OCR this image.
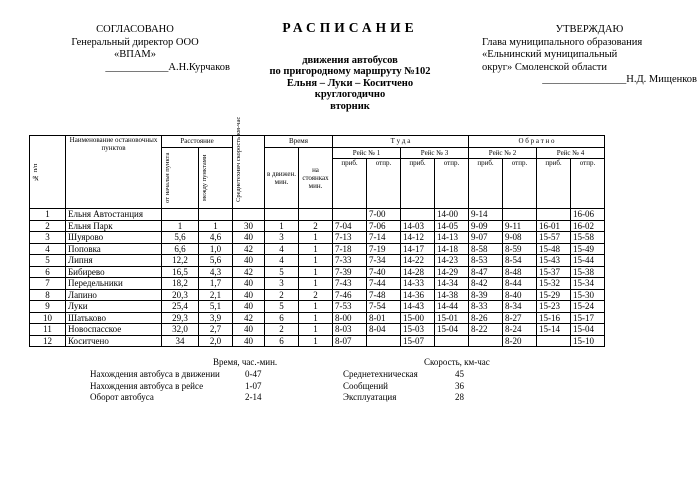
СОГЛАСОВАНО
Генеральный директор ООО
«ВПАМ»

____________А.Н.Курчаков
РАСПИСАНИЕ
движения автобусов
по пригородному маршруту №102
Ельня – Луки – Коситчено
круглогодично
вторник
УТВЕРЖДАЮ
Глава муниципального образования
«Ельнинский муниципальный
округ» Смоленской области

________________Н.Д. Мищенков
№ п/п	Наименование остановочных пунктов	Расстояние		Среднетехнич скорость км-час	Время		Т у д а				О б р а т н о			

		от начальн пункта	между пунктами		в движен. мин.	на стоянках мин.	Рейс № 1		Рейс № 3		Рейс № 2		Рейс № 4	
							приб.	отпр.	приб.	отпр.	приб.	отпр.	приб.	отпр.
1	Ельня Автостанция							7-00		14-00	9-14			16-06
2	Ельня Парк	1	1	30	1	2	7-04	7-06	14-03	14-05	9-09	9-11	16-01	16-02
3	Шуярово	5,6	4,6	40	3	1	7-13	7-14	14-12	14-13	9-07	9-08	15-57	15-58
4	Поповка	6,6	1,0	42	4	1	7-18	7-19	14-17	14-18	8-58	8-59	15-48	15-49
5	Липня	12,2	5,6	40	4	1	7-33	7-34	14-22	14-23	8-53	8-54	15-43	15-44
6	Бибирево	16,5	4,3	42	5	1	7-39	7-40	14-28	14-29	8-47	8-48	15-37	15-38
7	Передельники	18,2	1,7	40	3	1	7-43	7-44	14-33	14-34	8-42	8-44	15-32	15-34
8	Лапино	20,3	2,1	40	2	2	7-46	7-48	14-36	14-38	8-39	8-40	15-29	15-30
9	Луки	25,4	5,1	40	5	1	7-53	7-54	14-43	14-44	8-33	8-34	15-23	15-24
10	Шатьково	29,3	3,9	42	6	1	8-00	8-01	15-00	15-01	8-26	8-27	15-16	15-17
11	Новоспасское	32,0	2,7	40	2	1	8-03	8-04	15-03	15-04	8-22	8-24	15-14	15-04
12	Коситчено	34	2,0	40	6	1	8-07		15-07			8-20		15-10
Время, час.-мин.	Скорость, км-час
Нахождения автобуса в движении	0-47
Нахождения автобуса в рейсе	1-07
Оборот автобуса	2-14
Среднетехническая	45
Сообщений	36
Эксплуатация	28
